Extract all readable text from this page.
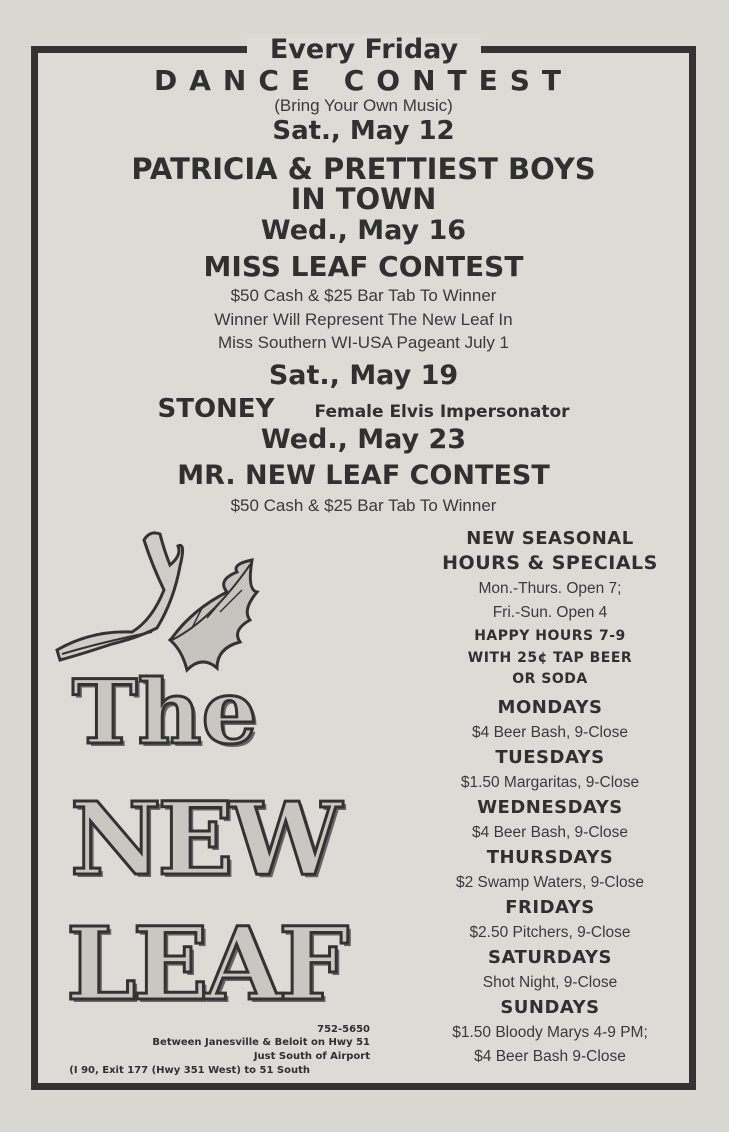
Every Friday
DANCE CONTEST
(Bring Your Own Music)
Sat., May 12
PATRICIA & PRETTIEST BOYS
IN TOWN
Wed., May 16
MISS LEAF CONTEST
$50 Cash & $25 Bar Tab To Winner
Winner Will Represent The New Leaf In
Miss Southern WI-USA Pageant July 1
Sat., May 19
STONEY Female Elvis Impersonator
Wed., May 23
MR. NEW LEAF CONTEST
$50 Cash & $25 Bar Tab To Winner
The
NEW
LEAF
752-5650
Between Janesville & Beloit on Hwy 51
Just South of Airport
(I 90, Exit 177 (Hwy 351 West) to 51 South
NEW SEASONAL
HOURS & SPECIALS
Mon.-Thurs. Open 7;
Fri.-Sun. Open 4
HAPPY HOURS 7-9
WITH 25¢ TAP BEER
OR SODA
MONDAYS
$4 Beer Bash, 9-Close
TUESDAYS
$1.50 Margaritas, 9-Close
WEDNESDAYS
$4 Beer Bash, 9-Close
THURSDAYS
$2 Swamp Waters, 9-Close
FRIDAYS
$2.50 Pitchers, 9-Close
SATURDAYS
Shot Night, 9-Close
SUNDAYS
$1.50 Bloody Marys 4-9 PM;
$4 Beer Bash 9-Close
